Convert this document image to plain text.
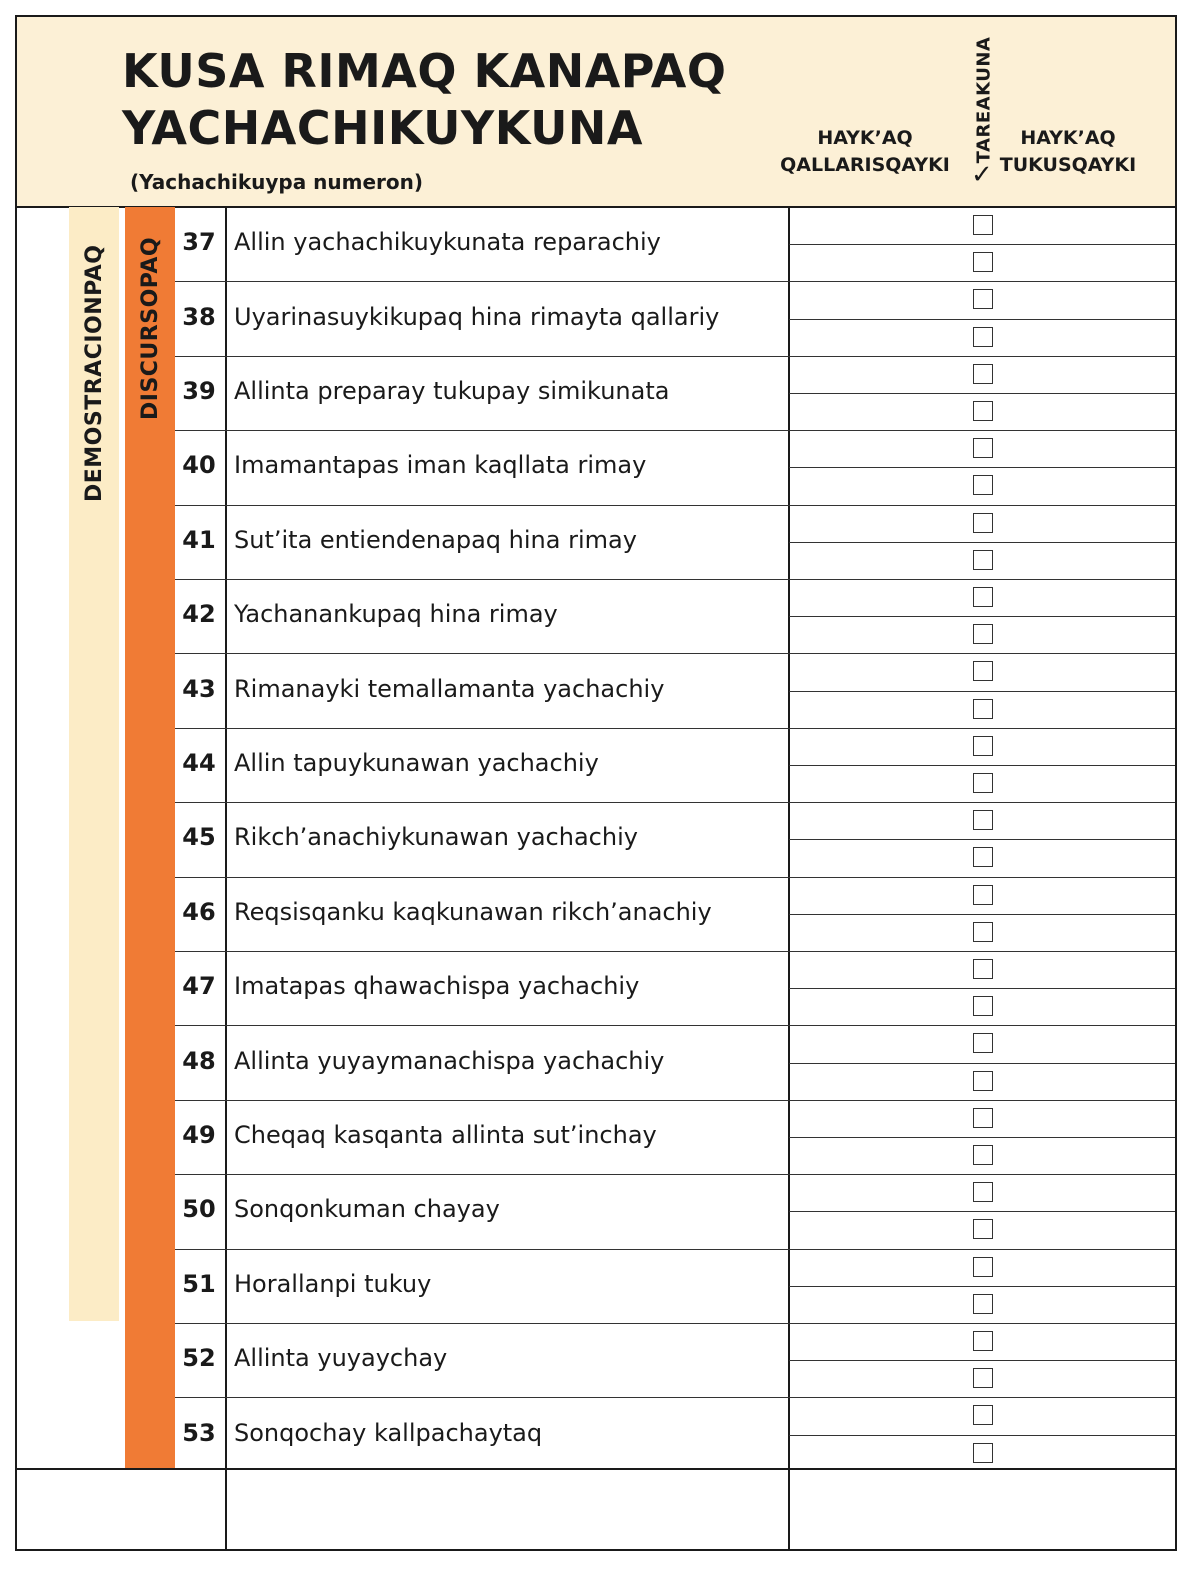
KUSA RIMAQ KANAPAQ
YACHACHIKUYKUNA
(Yachachikuypa numeron)
HAYK’AQ
QALLARISQAYKI
TAREAKUNA
✓
HAYK’AQ
TUKUSQAYKI
DEMOSTRACIONPAQ DISCURSOPAQ 37 Allin yachachikuykunata reparachiy
38 Uyarinasuykikupaq hina rimayta qallariy
39 Allinta preparay tukupay simikunata
40 Imamantapas iman kaqllata rimay
41 Sut’ita entiendenapaq hina rimay
42 Yachanankupaq hina rimay
43 Rimanayki temallamanta yachachiy
44 Allin tapuykunawan yachachiy
45 Rikch’anachiykunawan yachachiy
46 Reqsisqanku kaqkunawan rikch’anachiy
47 Imatapas qhawachispa yachachiy
48 Allinta yuyaymanachispa yachachiy
49 Cheqaq kasqanta allinta sut’inchay
50 Sonqonkuman chayay
51 Horallanpi tukuy
52 Allinta yuyaychay
53 Sonqochay kallpachaytaq
